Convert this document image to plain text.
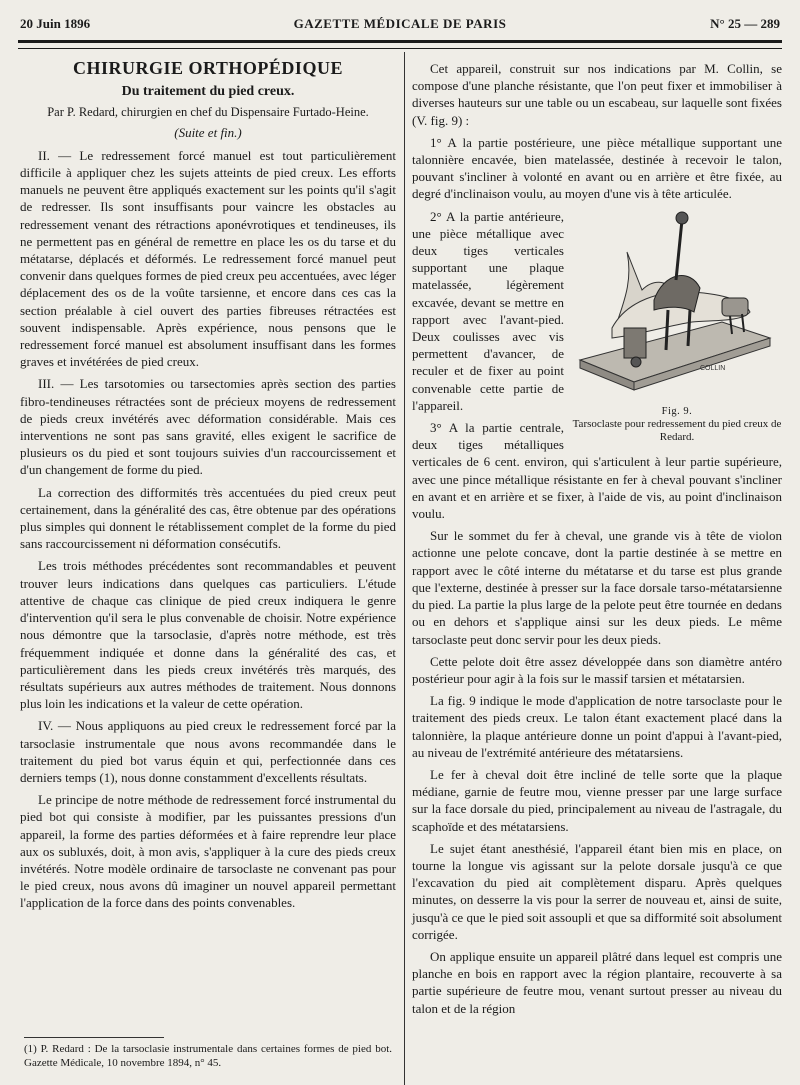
20 Juin 1896	GAZETTE MÉDICALE DE PARIS	N° 25 — 289
CHIRURGIE ORTHOPÉDIQUE
Du traitement du pied creux.
Par P. Redard, chirurgien en chef du Dispensaire Furtado-Heine.
(Suite et fin.)

II. — Le redressement forcé manuel est tout particulièrement difficile à appliquer chez les sujets atteints de pied creux. Les efforts manuels ne peuvent être appliqués exactement sur les points qu'il s'agit de redresser. Ils sont insuffisants pour vaincre les obstacles au redressement venant des rétractions aponévrotiques et tendineuses, ils ne permettent pas en général de remettre en place les os du tarse et du métatarse, déplacés et déformés. Le redressement forcé manuel peut convenir dans quelques formes de pied creux peu accentuées, avec léger déplacement des os de la voûte tarsienne, et encore dans ces cas la section préalable à ciel ouvert des parties fibreuses rétractées est souvent indispensable. Après expérience, nous pensons que le redressement forcé manuel est absolument insuffisant dans les formes graves et invétérées de pied creux.

III. — Les tarsotomies ou tarsectomies après section des parties fibro-tendineuses rétractées sont de précieux moyens de redressement de pieds creux invétérés avec déformation considérable. Mais ces interventions ne sont pas sans gravité, elles exigent le sacrifice de plusieurs os du pied et sont toujours suivies d'un raccourcissement et d'un changement de forme du pied.

La correction des difformités très accentuées du pied creux peut certainement, dans la généralité des cas, être obtenue par des opérations plus simples qui donnent le rétablissement complet de la forme du pied sans raccourcissement ni déformation consécutifs.

Les trois méthodes précédentes sont recommandables et peuvent trouver leurs indications dans quelques cas particuliers. L'étude attentive de chaque cas clinique de pied creux indiquera le genre d'intervention qu'il sera le plus convenable de choisir. Notre expérience nous démontre que la tarsoclasie, d'après notre méthode, est très fréquemment indiquée et donne dans la généralité des cas, et particulièrement dans les pieds creux invétérés très marqués, des résultats supérieurs aux autres méthodes de traitement. Nous donnons plus loin les indications et la valeur de cette opération.

IV. — Nous appliquons au pied creux le redressement forcé par la tarsoclasie instrumentale que nous avons recommandée dans le traitement du pied bot varus équin et qui, perfectionnée dans ces derniers temps (1), nous donne constamment d'excellents résultats.

Le principe de notre méthode de redressement forcé instrumental du pied bot qui consiste à modifier, par les puissantes pressions d'un appareil, la forme des parties déformées et à faire reprendre leur place aux os subluxés, doit, à mon avis, s'appliquer à la cure des pieds creux invétérés. Notre modèle ordinaire de tarsoclaste ne convenant pas pour le pied creux, nous avons dû imaginer un nouvel appareil permettant l'application de la force dans des points convenables.

(1) P. Redard : De la tarsoclasie instrumentale dans certaines formes de pied bot. Gazette Médicale, 10 novembre 1894, n° 45.

Cet appareil, construit sur nos indications par M. Collin, se compose d'une planche résistante, que l'on peut fixer et immobiliser à diverses hauteurs sur une table ou un escabeau, sur laquelle sont fixées (V. fig. 9) :

1° A la partie postérieure, une pièce métallique supportant une talonnière encavée, bien matelassée, destinée à recevoir le talon, pouvant s'incliner à volonté en avant ou en arrière et être fixée, au degré d'inclinaison voulu, au moyen d'une vis à tête articulée.

COLLIN
Fig. 9.
Tarsoclaste pour redressement du pied creux de Redard.

2° A la partie antérieure, une pièce métallique avec deux tiges verticales supportant une plaque matelassée, légèrement excavée, devant se mettre en rapport avec l'avant-pied. Deux coulisses avec vis permettent d'avancer, de reculer et de fixer au point convenable cette partie de l'appareil.

3° A la partie centrale, deux tiges métalliques verticales de 6 cent. environ, qui s'articulent à leur partie supérieure, avec une pince métallique résistante en fer à cheval pouvant s'incliner en avant et en arrière et se fixer, à l'aide de vis, au point d'inclinaison voulu.

Sur le sommet du fer à cheval, une grande vis à tête de violon actionne une pelote concave, dont la partie destinée à se mettre en rapport avec le côté interne du métatarse et du tarse est plus grande que l'externe, destinée à presser sur la face dorsale tarso-métatarsienne du pied. La partie la plus large de la pelote peut être tournée en dedans ou en dehors et s'applique ainsi sur les deux pieds. Le même tarsoclaste peut donc servir pour les deux pieds.

Cette pelote doit être assez développée dans son diamètre antéro postérieur pour agir à la fois sur le massif tarsien et métatarsien.

La fig. 9 indique le mode d'application de notre tarsoclaste pour le traitement des pieds creux. Le talon étant exactement placé dans la talonnière, la plaque antérieure donne un point d'appui à l'avant-pied, au niveau de l'extrémité antérieure des métatarsiens.

Le fer à cheval doit être incliné de telle sorte que la plaque médiane, garnie de feutre mou, vienne presser par une large surface sur la face dorsale du pied, principalement au niveau de l'astragale, du scaphoïde et des métatarsiens.

Le sujet étant anesthésié, l'appareil étant bien mis en place, on tourne la longue vis agissant sur la pelote dorsale jusqu'à ce que l'excavation du pied ait complètement disparu. Après quelques minutes, on desserre la vis pour la serrer de nouveau et, ainsi de suite, jusqu'à ce que le pied soit assoupli et que sa difformité soit absolument corrigée.

On applique ensuite un appareil plâtré dans lequel est compris une planche en bois en rapport avec la région plantaire, recouverte à sa partie supérieure de feutre mou, venant surtout presser au niveau du talon et de la région
